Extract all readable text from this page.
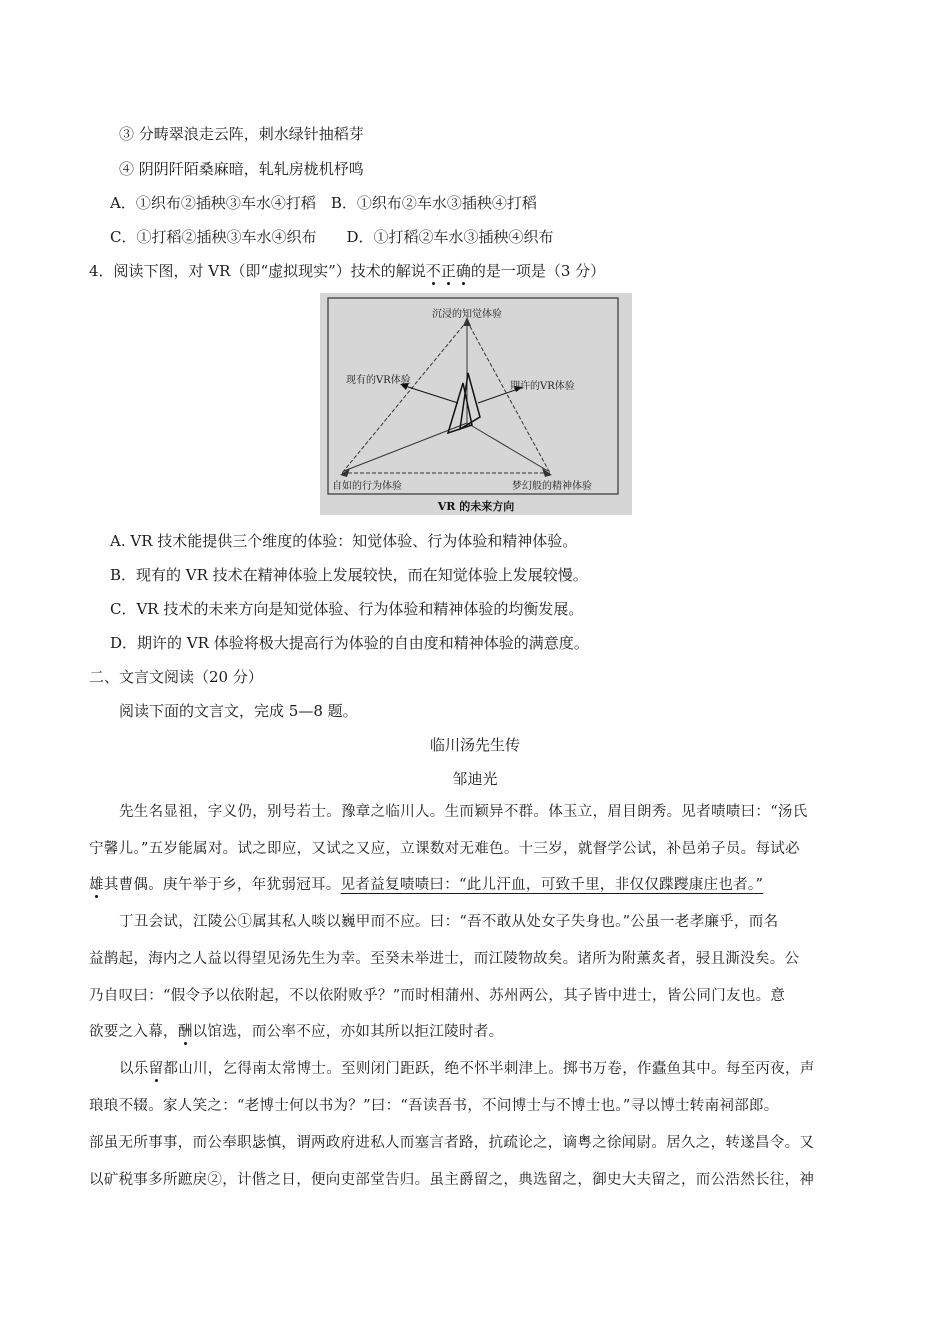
③ 分畴翠浪走云阵，刺水绿针抽稻芽
④ 阴阴阡陌桑麻暗，轧轧房栊机杼鸣
A．①织布②插秧③车水④打稻　B．①织布②车水③插秧④打稻
C．①打稻②插秧③车水④织布　　D．①打稻②车水③插秧④织布
4．阅读下图，对 VR（即“虚拟现实”）技术的解说不正确的是一项是（3 分）
沉浸的知觉体验
现有的VR体验
期许的VR体验
自如的行为体验	梦幻般的精神体验
VR 的未来方向
A. VR 技术能提供三个维度的体验：知觉体验、行为体验和精神体验。
B．现有的 VR 技术在精神体验上发展较快，而在知觉体验上发展较慢。
C．VR 技术的未来方向是知觉体验、行为体验和精神体验的均衡发展。
D．期许的 VR 体验将极大提高行为体验的自由度和精神体验的满意度。
二、文言文阅读（20 分）
阅读下面的文言文，完成 5—8 题。
临川汤先生传
邹迪光
先生名显祖，字义仍，别号若士。豫章之临川人。生而颖异不群。体玉立，眉目朗秀。见者啧啧曰：“汤氏
宁馨儿。”五岁能属对。试之即应，又试之又应，立课数对无难色。十三岁，就督学公试，补邑弟子员。每试必
雄其曹偶。庚午举于乡，年犹弱冠耳。见者益复啧啧曰：“此儿汗血，可致千里，非仅仅蹀躞康庄也者。”
丁丑会试，江陵公①属其私人啖以巍甲而不应。曰：“吾不敢从处女子失身也。”公虽一老孝廉乎，而名
益鹊起，海内之人益以得望见汤先生为幸。至癸未举进士，而江陵物故矣。诸所为附薰炙者，骎且澌没矣。公
乃自叹曰：“假令予以依附起，不以依附败乎？”而时相蒲州、苏州两公，其子皆中进士，皆公同门友也。意
欲要之入幕，酬以馆选，而公率不应，亦如其所以拒江陵时者。
以乐留都山川，乞得南太常博士。至则闭门距跃，绝不怀半刺津上。掷书万卷，作蠹鱼其中。每至丙夜，声
琅琅不辍。家人笑之：“老博士何以书为？”曰：“吾读吾书，不问博士与不博士也。”寻以博士转南祠部郎。
部虽无所事事，而公奉职毖慎，谓两政府进私人而塞言者路，抗疏论之，谪粤之徐闻尉。居久之，转遂昌令。又
以矿税事多所蹠戾②，计偕之日，便向吏部堂告归。虽主爵留之，典选留之，御史大夫留之，而公浩然长往，神
